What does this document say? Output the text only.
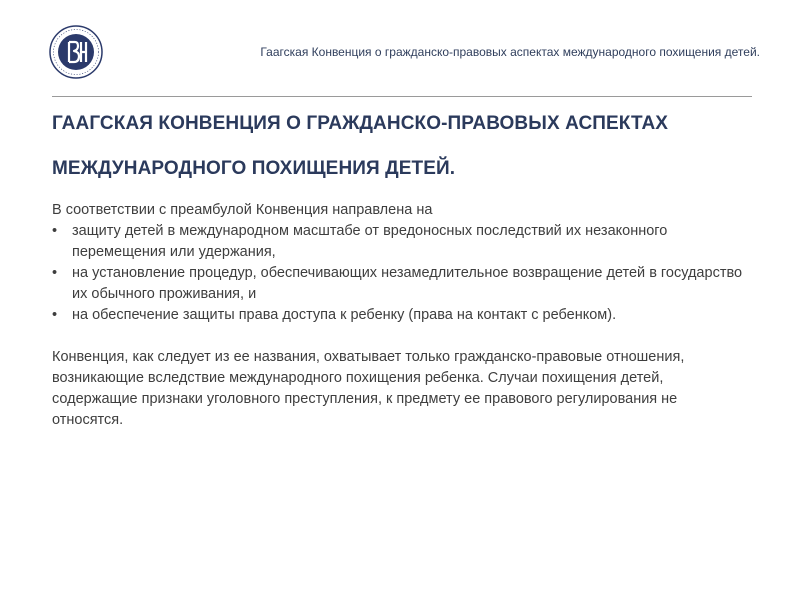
Гаагская Конвенция о гражданско-правовых аспектах международного похищения детей.
ГААГСКАЯ КОНВЕНЦИЯ О ГРАЖДАНСКО-ПРАВОВЫХ АСПЕКТАХ
МЕЖДУНАРОДНОГО ПОХИЩЕНИЯ ДЕТЕЙ.

В соответствии с преамбулой Конвенция направлена на

• защиту детей в международном масштабе от вредоносных последствий их незаконного перемещения или удержания,
• на установление процедур, обеспечивающих незамедлительное возвращение детей в государство их обычного проживания, и
• на обеспечение защиты права доступа к ребенку (права на контакт с ребенком).

Конвенция, как следует из ее названия, охватывает только гражданско-правовые отношения, возникающие вследствие международного похищения ребенка. Случаи похищения детей, содержащие признаки уголовного преступления, к предмету ее правового регулирования не относятся.
